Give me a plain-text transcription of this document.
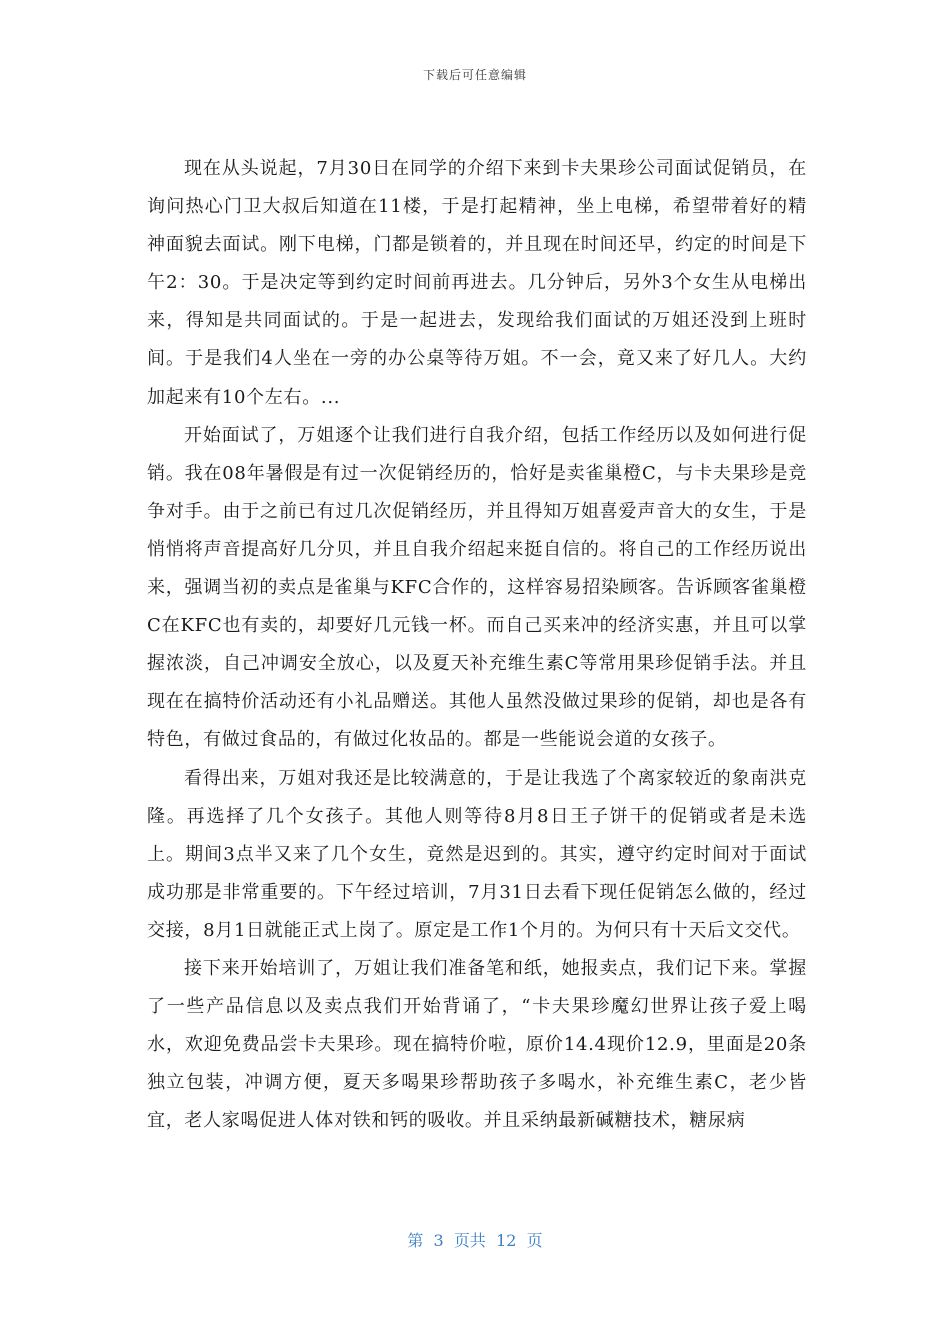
下载后可任意编辑

现在从头说起，7月30日在同学的介绍下来到卡夫果珍公司面试促销员，在询问热心门卫大叔后知道在11楼，于是打起精神，坐上电梯，希望带着好的精神面貌去面试。刚下电梯，门都是锁着的，并且现在时间还早，约定的时间是下午2：30。于是决定等到约定时间前再进去。几分钟后，另外3个女生从电梯出来，得知是共同面试的。于是一起进去，发现给我们面试的万姐还没到上班时间。于是我们4人坐在一旁的办公桌等待万姐。不一会，竟又来了好几人。大约加起来有10个左右。...

开始面试了，万姐逐个让我们进行自我介绍，包括工作经历以及如何进行促销。我在08年暑假是有过一次促销经历的，恰好是卖雀巢橙C，与卡夫果珍是竞争对手。由于之前已有过几次促销经历，并且得知万姐喜爱声音大的女生，于是悄悄将声音提高好几分贝，并且自我介绍起来挺自信的。将自己的工作经历说出来，强调当初的卖点是雀巢与KFC合作的，这样容易招染顾客。告诉顾客雀巢橙C在KFC也有卖的，却要好几元钱一杯。而自己买来冲的经济实惠，并且可以掌握浓淡，自己冲调安全放心，以及夏天补充维生素C等常用果珍促销手法。并且现在在搞特价活动还有小礼品赠送。其他人虽然没做过果珍的促销，却也是各有特色，有做过食品的，有做过化妆品的。都是一些能说会道的女孩子。

看得出来，万姐对我还是比较满意的，于是让我选了个离家较近的象南洪克隆。再选择了几个女孩子。其他人则等待8月8日王子饼干的促销或者是未选上。期间3点半又来了几个女生，竟然是迟到的。其实，遵守约定时间对于面试成功那是非常重要的。下午经过培训，7月31日去看下现任促销怎么做的，经过交接，8月1日就能正式上岗了。原定是工作1个月的。为何只有十天后文交代。

接下来开始培训了，万姐让我们准备笔和纸，她报卖点，我们记下来。掌握了一些产品信息以及卖点我们开始背诵了，“卡夫果珍魔幻世界让孩子爱上喝水，欢迎免费品尝卡夫果珍。现在搞特价啦，原价14.4现价12.9，里面是20条独立包装，冲调方便，夏天多喝果珍帮助孩子多喝水，补充维生素C，老少皆宜，老人家喝促进人体对铁和钙的吸收。并且采纳最新碱糖技术，糖尿病

第  3  页共  12  页
